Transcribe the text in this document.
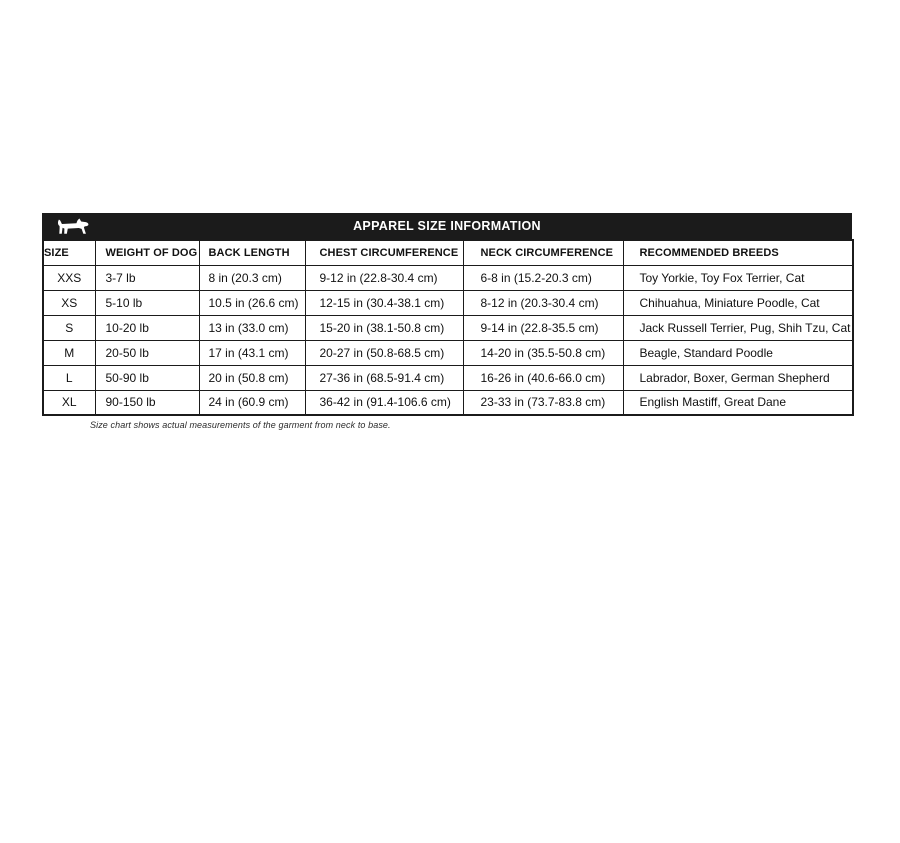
APPAREL SIZE INFORMATION
SIZE	WEIGHT OF DOG	BACK LENGTH	CHEST CIRCUMFERENCE	NECK CIRCUMFERENCE	RECOMMENDED BREEDS
XXS	3-7 lb	8 in (20.3 cm)	9-12 in (22.8-30.4 cm)	6-8 in (15.2-20.3 cm)	Toy Yorkie, Toy Fox Terrier, Cat
XS	5-10 lb	10.5 in (26.6 cm)	12-15 in (30.4-38.1 cm)	8-12 in (20.3-30.4 cm)	Chihuahua, Miniature Poodle, Cat
S	10-20 lb	13 in (33.0 cm)	15-20 in (38.1-50.8 cm)	9-14 in (22.8-35.5 cm)	Jack Russell Terrier, Pug, Shih Tzu, Cat
M	20-50 lb	17 in (43.1 cm)	20-27 in (50.8-68.5 cm)	14-20 in (35.5-50.8 cm)	Beagle, Standard Poodle
L	50-90 lb	20 in (50.8 cm)	27-36 in (68.5-91.4 cm)	16-26 in (40.6-66.0 cm)	Labrador, Boxer, German Shepherd
XL	90-150 lb	24 in (60.9 cm)	36-42 in (91.4-106.6 cm)	23-33 in (73.7-83.8 cm)	English Mastiff, Great Dane
Size chart shows actual measurements of the garment from neck to base.
